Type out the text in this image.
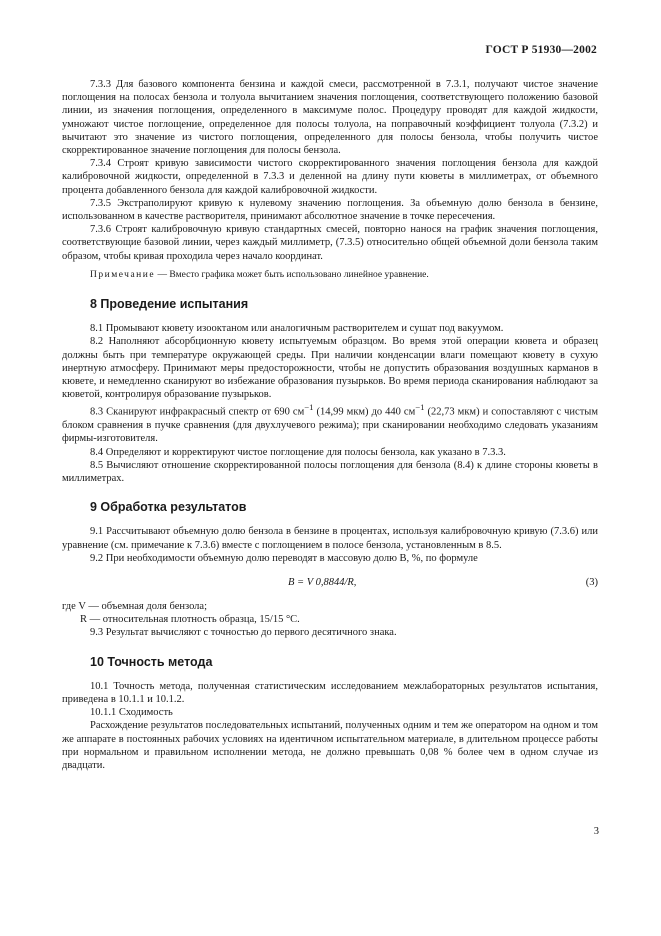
ГОСТ Р 51930—2002

7.3.3 Для базового компонента бензина и каждой смеси, рассмотренной в 7.3.1, получают чистое значение поглощения на полосах бензола и толуола вычитанием значения поглощения, соответствующего положению базовой линии, из значения поглощения, определенного в максимуме полос. Процедуру проводят для каждой жидкости, умножают чистое поглощение, определенное для полосы толуола, на поправочный коэффициент толуола (7.3.2) и вычитают это значение из чистого поглощения, определенного для полосы бензола, чтобы получить чистое скорректированное значение поглощения для полосы бензола.

7.3.4 Строят кривую зависимости чистого скорректированного значения поглощения бензола для каждой калибровочной жидкости, определенной в 7.3.3 и деленной на длину пути кюветы в миллиметрах, от объемного процента добавленного бензола для каждой калибровочной жидкости.

7.3.5 Экстраполируют кривую к нулевому значению поглощения. За объемную долю бензола в бензине, использованном в качестве растворителя, принимают абсолютное значение в точке пересечения.

7.3.6 Строят калибровочную кривую стандартных смесей, повторно нанося на график значения поглощения, соответствующие базовой линии, через каждый миллиметр, (7.3.5) относительно общей объемной доли бензола таким образом, чтобы кривая проходила через начало координат.

Примечание — Вместо графика может быть использовано линейное уравнение.

8 Проведение испытания

8.1 Промывают кювету изооктаном или аналогичным растворителем и сушат под вакуумом.

8.2 Наполняют абсорбционную кювету испытуемым образцом. Во время этой операции кювета и образец должны быть при температуре окружающей среды. При наличии конденсации влаги помещают кювету в сухую инертную атмосферу. Принимают меры предосторожности, чтобы не допустить образования воздушных карманов в кювете, и немедленно сканируют во избежание образования пузырьков. Во время периода сканирования наблюдают за кюветой, контролируя образование пузырьков.

8.3 Сканируют инфракрасный спектр от 690 $см^{-1}$ (14,99 мкм) до 440 $см^{-1}$ (22,73 мкм) и сопоставляют с чистым блоком сравнения в пучке сравнения (для двухлучевого режима); при сканировании необходимо следовать указаниям фирмы-изготовителя.

8.4 Определяют и корректируют чистое поглощение для полосы бензола, как указано в 7.3.3.

8.5 Вычисляют отношение скорректированной полосы поглощения для бензола (8.4) к длине стороны кюветы в миллиметрах.

9 Обработка результатов

9.1 Рассчитывают объемную долю бензола в бензине в процентах, используя калибровочную кривую (7.3.6) или уравнение (см. примечание к 7.3.6) вместе с поглощением в полосе бензола, установленным в 8.5.

9.2 При необходимости объемную долю переводят в массовую долю B, %, по формуле

B = V 0,8844/R,	(3)

где V — объемная доля бензола;

R — относительная плотность образца, 15/15 °С.

9.3 Результат вычисляют с точностью до первого десятичного знака.

10 Точность метода

10.1 Точность метода, полученная статистическим исследованием межлабораторных результатов испытания, приведена в 10.1.1 и 10.1.2.

10.1.1 Сходимость

Расхождение результатов последовательных испытаний, полученных одним и тем же оператором на одном и том же аппарате в постоянных рабочих условиях на идентичном испытательном материале, в длительном процессе работы при нормальном и правильном исполнении метода, не должно превышать 0,08 % более чем в одном случае из двадцати.

3
